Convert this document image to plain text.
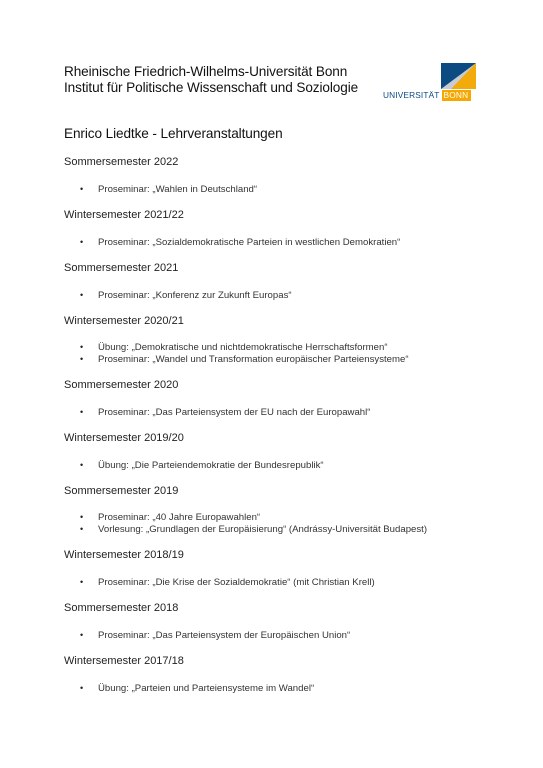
Rheinische Friedrich-Wilhelms-Universität Bonn
Institut für Politische Wissenschaft und Soziologie	UNIVERSITÄT BONN
Enrico Liedtke - Lehrveranstaltungen
Sommersemester 2022
• Proseminar: „Wahlen in Deutschland“
Wintersemester 2021/22
• Proseminar: „Sozialdemokratische Parteien in westlichen Demokratien“
Sommersemester 2021
• Proseminar: „Konferenz zur Zukunft Europas“
Wintersemester 2020/21
• Übung: „Demokratische und nichtdemokratische Herrschaftsformen“
• Proseminar: „Wandel und Transformation europäischer Parteiensysteme“
Sommersemester 2020
• Proseminar: „Das Parteiensystem der EU nach der Europawahl“
Wintersemester 2019/20
• Übung: „Die Parteiendemokratie der Bundesrepublik“
Sommersemester 2019
• Proseminar: „40 Jahre Europawahlen“
• Vorlesung: „Grundlagen der Europäisierung“ (Andrássy-Universität Budapest)
Wintersemester 2018/19
• Proseminar: „Die Krise der Sozialdemokratie“ (mit Christian Krell)
Sommersemester 2018
• Proseminar: „Das Parteiensystem der Europäischen Union“
Wintersemester 2017/18
• Übung: „Parteien und Parteiensysteme im Wandel“
